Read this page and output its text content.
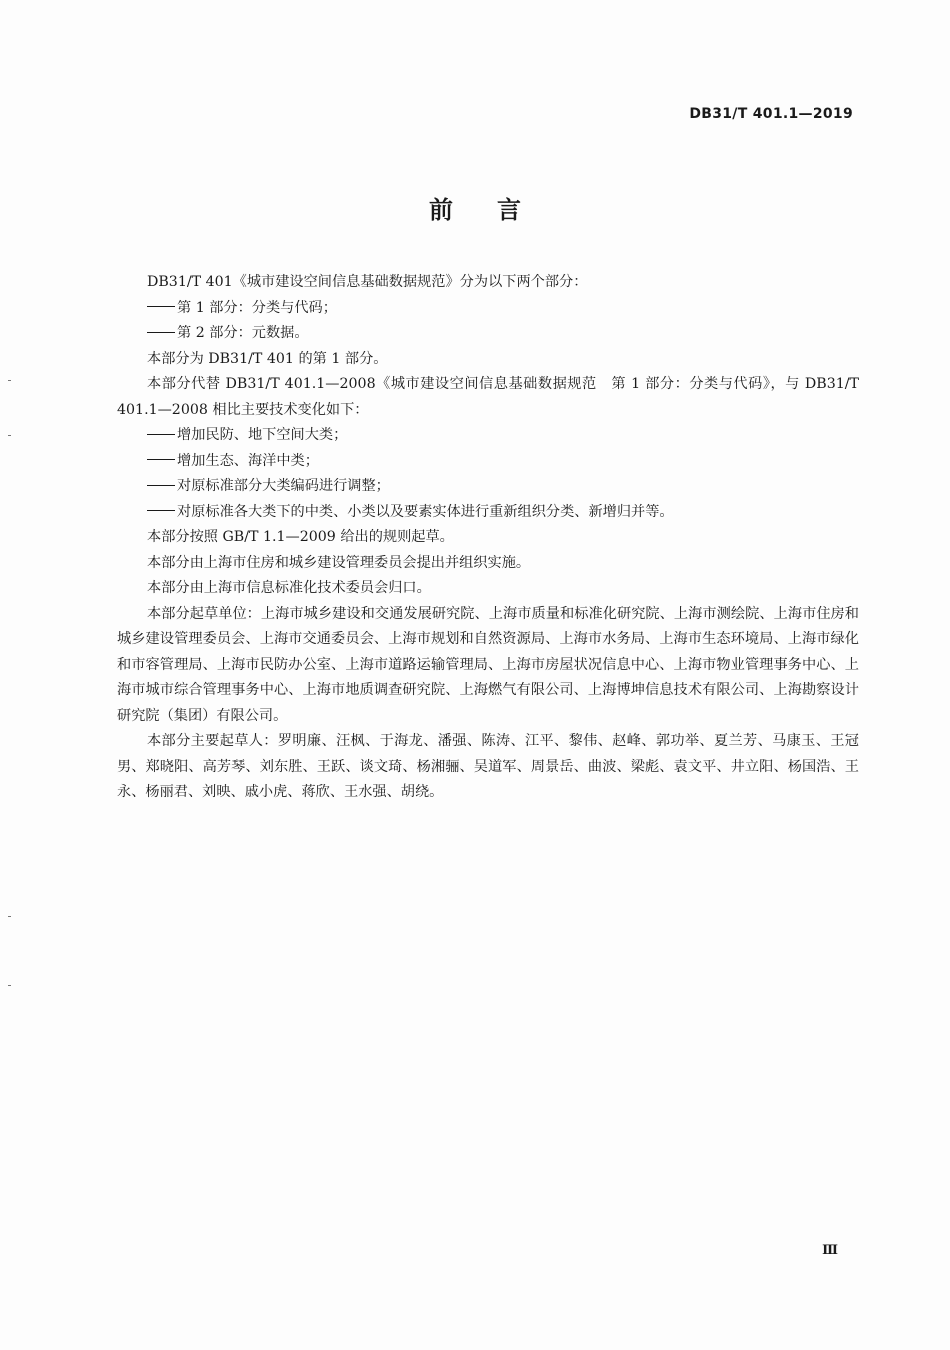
DB31/T 401.1—2019
前言

DB31/T 401《城市建设空间信息基础数据规范》分为以下两个部分：

第 1 部分：分类与代码；

第 2 部分：元数据。

本部分为 DB31/T 401 的第 1 部分。

本部分代替 DB31/T 401.1—2008《城市建设空间信息基础数据规范　第 1 部分：分类与代码》，与 DB31/T 401.1—2008 相比主要技术变化如下：

增加民防、地下空间大类；

增加生态、海洋中类；

对原标准部分大类编码进行调整；

对原标准各大类下的中类、小类以及要素实体进行重新组织分类、新增归并等。

本部分按照 GB/T 1.1—2009 给出的规则起草。

本部分由上海市住房和城乡建设管理委员会提出并组织实施。

本部分由上海市信息标准化技术委员会归口。

本部分起草单位：上海市城乡建设和交通发展研究院、上海市质量和标准化研究院、上海市测绘院、上海市住房和城乡建设管理委员会、上海市交通委员会、上海市规划和自然资源局、上海市水务局、上海市生态环境局、上海市绿化和市容管理局、上海市民防办公室、上海市道路运输管理局、上海市房屋状况信息中心、上海市物业管理事务中心、上海市城市综合管理事务中心、上海市地质调查研究院、上海燃气有限公司、上海博坤信息技术有限公司、上海勘察设计研究院（集团）有限公司。

本部分主要起草人：罗明廉、汪枫、于海龙、潘强、陈涛、江平、黎伟、赵峰、郭功举、夏兰芳、马康玉、王冠男、郑晓阳、高芳琴、刘东胜、王跃、谈文琦、杨湘骊、吴道军、周景岳、曲波、梁彪、袁文平、井立阳、杨国浩、王永、杨丽君、刘映、戚小虎、蒋欣、王水强、胡绕。

Ⅲ
